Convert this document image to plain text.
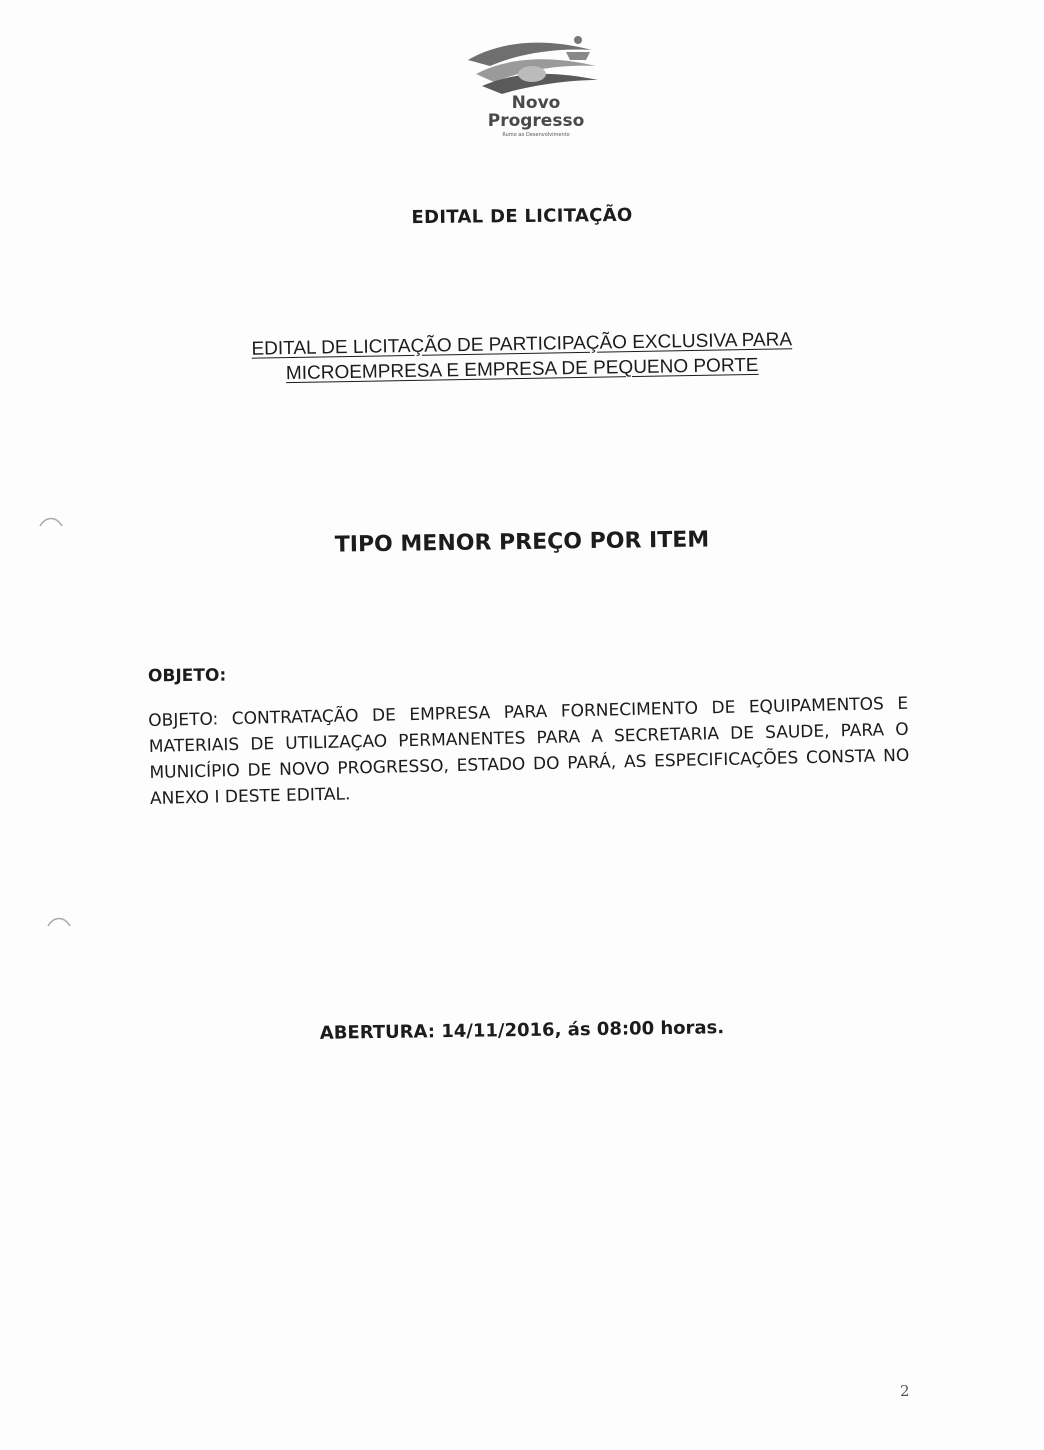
Novo
Progresso
Rumo ao Desenvolvimento
EDITAL DE LICITAÇÃO
EDITAL DE LICITAÇÃO DE PARTICIPAÇÃO EXCLUSIVA PARA
MICROEMPRESA E EMPRESA DE PEQUENO PORTE
TIPO MENOR PREÇO POR ITEM
OBJETO:
OBJETO: CONTRATAÇÃO DE EMPRESA PARA FORNECIMENTO DE EQUIPAMENTOS E MATERIAIS DE UTILIZAÇAO PERMANENTES PARA A SECRETARIA DE SAUDE, PARA O MUNICÍPIO DE NOVO PROGRESSO, ESTADO DO PARÁ, AS ESPECIFICAÇÕES CONSTA NO ANEXO I DESTE EDITAL.
ABERTURA: 14/11/2016, ás 08:00 horas.
2
